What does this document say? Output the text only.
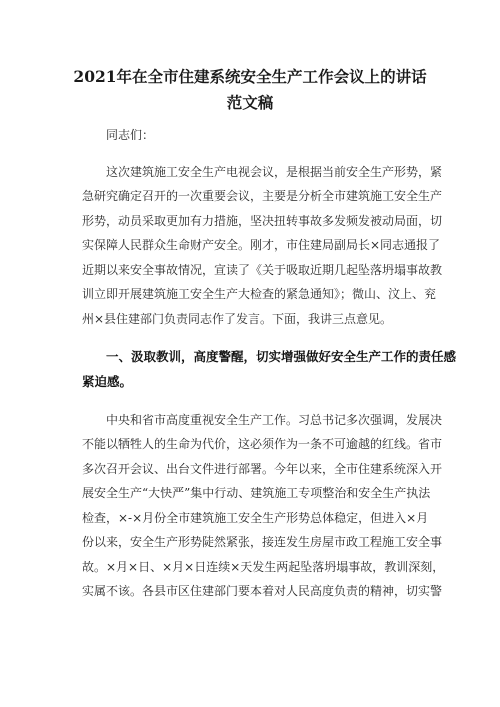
2021年在全市住建系统安全生产工作会议上的讲话
范文稿
同志们：
这次建筑施工安全生产电视会议，是根据当前安全生产形势，紧
急研究确定召开的一次重要会议，主要是分析全市建筑施工安全生产
形势，动员采取更加有力措施，坚决扭转事故多发频发被动局面，切
实保障人民群众生命财产安全。刚才，市住建局副局长×同志通报了
近期以来安全事故情况，宣读了《关于吸取近期几起坠落坍塌事故教
训立即开展建筑施工安全生产大检查的紧急通知》；微山、汶上、兖
州×县住建部门负责同志作了发言。下面，我讲三点意见。
一、汲取教训，高度警醒，切实增强做好安全生产工作的责任感
紧迫感。
中央和省市高度重视安全生产工作。习总书记多次强调，发展决
不能以牺牲人的生命为代价，这必须作为一条不可逾越的红线。省市
多次召开会议、出台文件进行部署。今年以来，全市住建系统深入开
展安全生产“大快严”集中行动、建筑施工专项整治和安全生产执法
检查，×-×月份全市建筑施工安全生产形势总体稳定，但进入×月
份以来，安全生产形势陡然紧张，接连发生房屋市政工程施工安全事
故。×月×日、×月×日连续×天发生两起坠落坍塌事故，教训深刻，
实属不该。各县市区住建部门要本着对人民高度负责的精神，切实警
